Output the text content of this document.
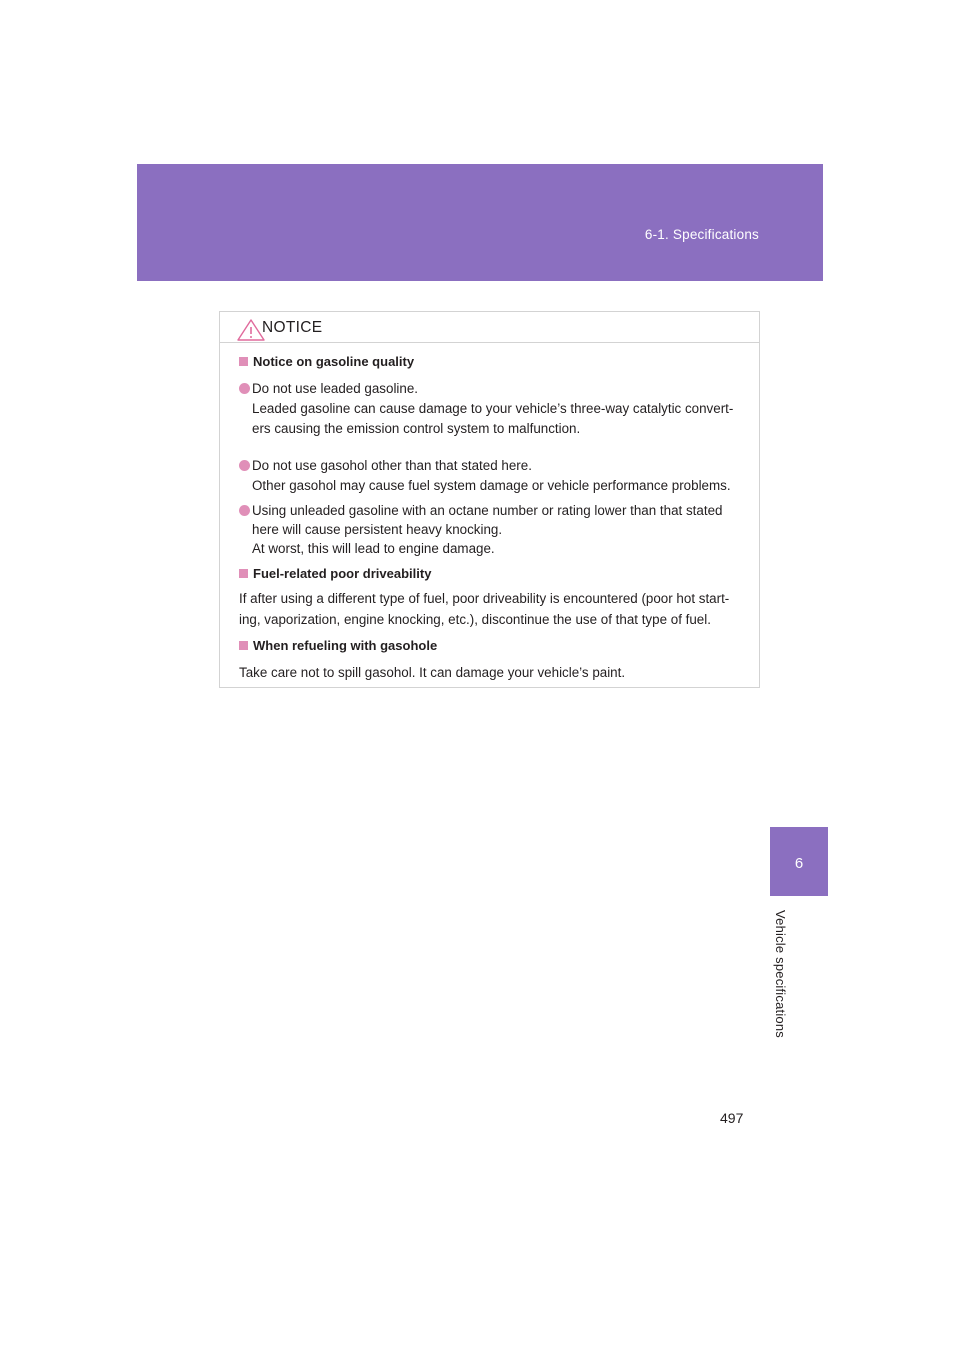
6-1. Specifications
6
Vehicle specifications
NOTICE
Notice on gasoline quality
Do not use leaded gasoline.
Leaded gasoline can cause damage to your vehicle’s three-way catalytic convert-
ers causing the emission control system to malfunction.
Do not use gasohol other than that stated here.
Other gasohol may cause fuel system damage or vehicle performance problems.
Using unleaded gasoline with an octane number or rating lower than that stated
here will cause persistent heavy knocking.
At worst, this will lead to engine damage.
Fuel-related poor driveability
If after using a different type of fuel, poor driveability is encountered (poor hot start-
ing, vaporization, engine knocking, etc.), discontinue the use of that type of fuel.
When refueling with gasohole
Take care not to spill gasohol. It can damage your vehicle’s paint.
497
